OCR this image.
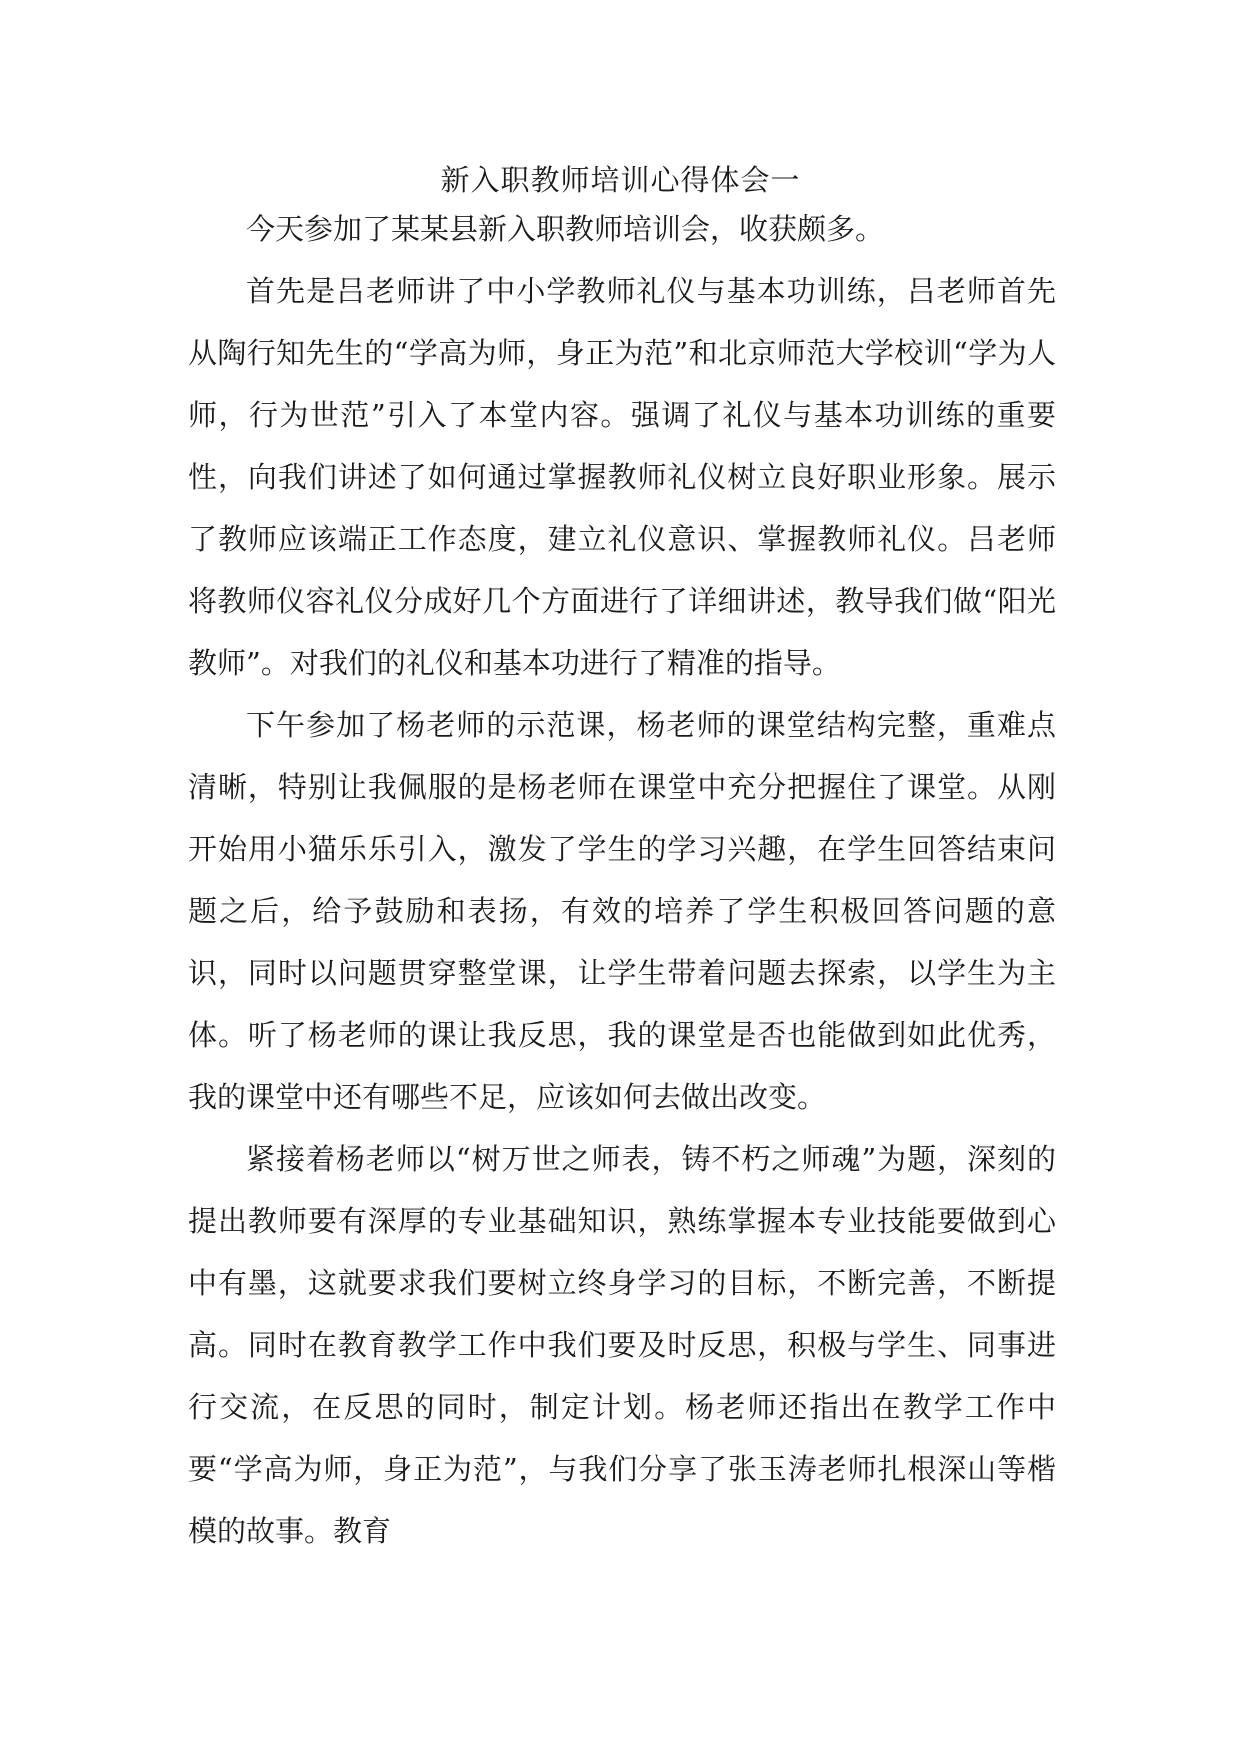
新入职教师培训心得体会一

今天参加了某某县新入职教师培训会，收获颇多。

首先是吕老师讲了中小学教师礼仪与基本功训练，吕老师首先从陶行知先生的“学高为师，身正为范”和北京师范大学校训“学为人师，行为世范”引入了本堂内容。强调了礼仪与基本功训练的重要性，向我们讲述了如何通过掌握教师礼仪树立良好职业形象。展示了教师应该端正工作态度，建立礼仪意识、掌握教师礼仪。吕老师将教师仪容礼仪分成好几个方面进行了详细讲述，教导我们做“阳光教师”。对我们的礼仪和基本功进行了精准的指导。

下午参加了杨老师的示范课，杨老师的课堂结构完整，重难点清晰，特别让我佩服的是杨老师在课堂中充分把握住了课堂。从刚开始用小猫乐乐引入，激发了学生的学习兴趣，在学生回答结束问题之后，给予鼓励和表扬，有效的培养了学生积极回答问题的意识，同时以问题贯穿整堂课，让学生带着问题去探索，以学生为主体。听了杨老师的课让我反思，我的课堂是否也能做到如此优秀，我的课堂中还有哪些不足，应该如何去做出改变。

紧接着杨老师以“树万世之师表，铸不朽之师魂”为题，深刻的提出教师要有深厚的专业基础知识，熟练掌握本专业技能要做到心中有墨，这就要求我们要树立终身学习的目标，不断完善，不断提高。同时在教育教学工作中我们要及时反思，积极与学生、同事进行交流，在反思的同时，制定计划。杨老师还指出在教学工作中要“学高为师，身正为范”，与我们分享了张玉涛老师扎根深山等楷模的故事。教育
